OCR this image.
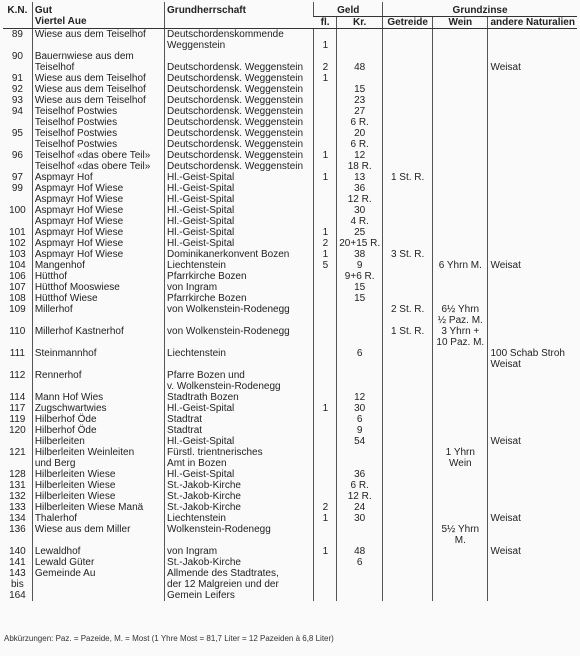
K.N.	Gut
Viertel Aue	Grundherrschaft	Geld		Grundzinse		
			fl.	Kr.	Getreide	Wein	andere Naturalien
89	Wiese aus dem Teiselhof	Deutschordenskommende					
		Weggenstein	1				
90	Bauernwiese aus dem						
	Teiselhof	Deutschordensk. Weggenstein	2	48			Weisat
91	Wiese aus dem Teiselhof	Deutschordensk. Weggenstein	1				
92	Wiese aus dem Teiselhof	Deutschordensk. Weggenstein		15			
93	Wiese aus dem Teiselhof	Deutschordensk. Weggenstein		23			
94	Teiselhof Postwies	Deutschordensk. Weggenstein		27			
	Teiselhof Postwies	Deutschordensk. Weggenstein		6 R.			
95	Teiselhof Postwies	Deutschordensk. Weggenstein		20			
	Teiselhof Postwies	Deutschordensk. Weggenstein		6 R.			
96	Teiselhof «das obere Teil»	Deutschordensk. Weggenstein	1	12			
	Teiselhof «das obere Teil»	Deutschordensk. Weggenstein		18 R.			
97	Aspmayr Hof	Hl.-Geist-Spital	1	13	1 St. R.		
99	Aspmayr Hof Wiese	Hl.-Geist-Spital		36			
	Aspmayr Hof Wiese	Hl.-Geist-Spital		12 R.			
100	Aspmayr Hof Wiese	Hl.-Geist-Spital		30			
	Aspmayr Hof Wiese	Hl.-Geist-Spital		4 R.			
101	Aspmayr Hof Wiese	Hl.-Geist-Spital	1	25			
102	Aspmayr Hof Wiese	Hl.-Geist-Spital	2	20+15 R.			
103	Aspmayr Hof Wiese	Dominikanerkonvent Bozen	1	38	3 St. R.		
104	Mangenhof	Liechtenstein	5	9		6 Yhrn M.	Weisat
106	Hütthof	Pfarrkirche Bozen		9+6 R.			
107	Hütthof Mooswiese	von Ingram		15			
108	Hütthof Wiese	Pfarrkirche Bozen		15			
109	Millerhof	von Wolkenstein-Rodenegg			2 St. R.	6½ Yhrn	
						½ Paz. M.	
110	Millerhof Kastnerhof	von Wolkenstein-Rodenegg			1 St. R.	3 Yhrn +	
						10 Paz. M.	
111	Steinmannhof	Liechtenstein		6			100 Schab Stroh
							Weisat
112	Rennerhof	Pfarre Bozen und					
		v. Wolkenstein-Rodenegg					
114	Mann Hof Wies	Stadtrath Bozen		12			
117	Zugschwartwies	Hl.-Geist-Spital	1	30			
119	Hilberhof Öde	Stadtrat		6			
120	Hilberhof Öde	Stadtrat		9			
	Hilberleiten	Hl.-Geist-Spital		54			Weisat
121	Hilberleiten Weinleiten	Fürstl. trientnerisches				1 Yhrn	
	und Berg	Amt in Bozen				Wein	
128	Hilberleiten Wiese	Hl.-Geist-Spital		36			
131	Hilberleiten Wiese	St.-Jakob-Kirche		6 R.			
132	Hilberleiten Wiese	St.-Jakob-Kirche		12 R.			
133	Hilberleiten Wiese Manä	St.-Jakob-Kirche	2	24			
134	Thalerhof	Liechtenstein	1	30			Weisat
136	Wiese aus dem Miller	Wolkenstein-Rodenegg				5½ Yhrn	
						M.	
140	Lewaldhof	von Ingram	1	48			Weisat
141	Lewald Güter	St.-Jakob-Kirche		6			
143	Gemeinde Au	Allmende des Stadtrates,					
bis		der 12 Malgreien und der					
164		Gemein Leifers					
Abkürzungen: Paz. = Pazeide, M. = Most (1 Yhre Most = 81,7 Liter = 12 Pazeiden à 6,8 Liter)
